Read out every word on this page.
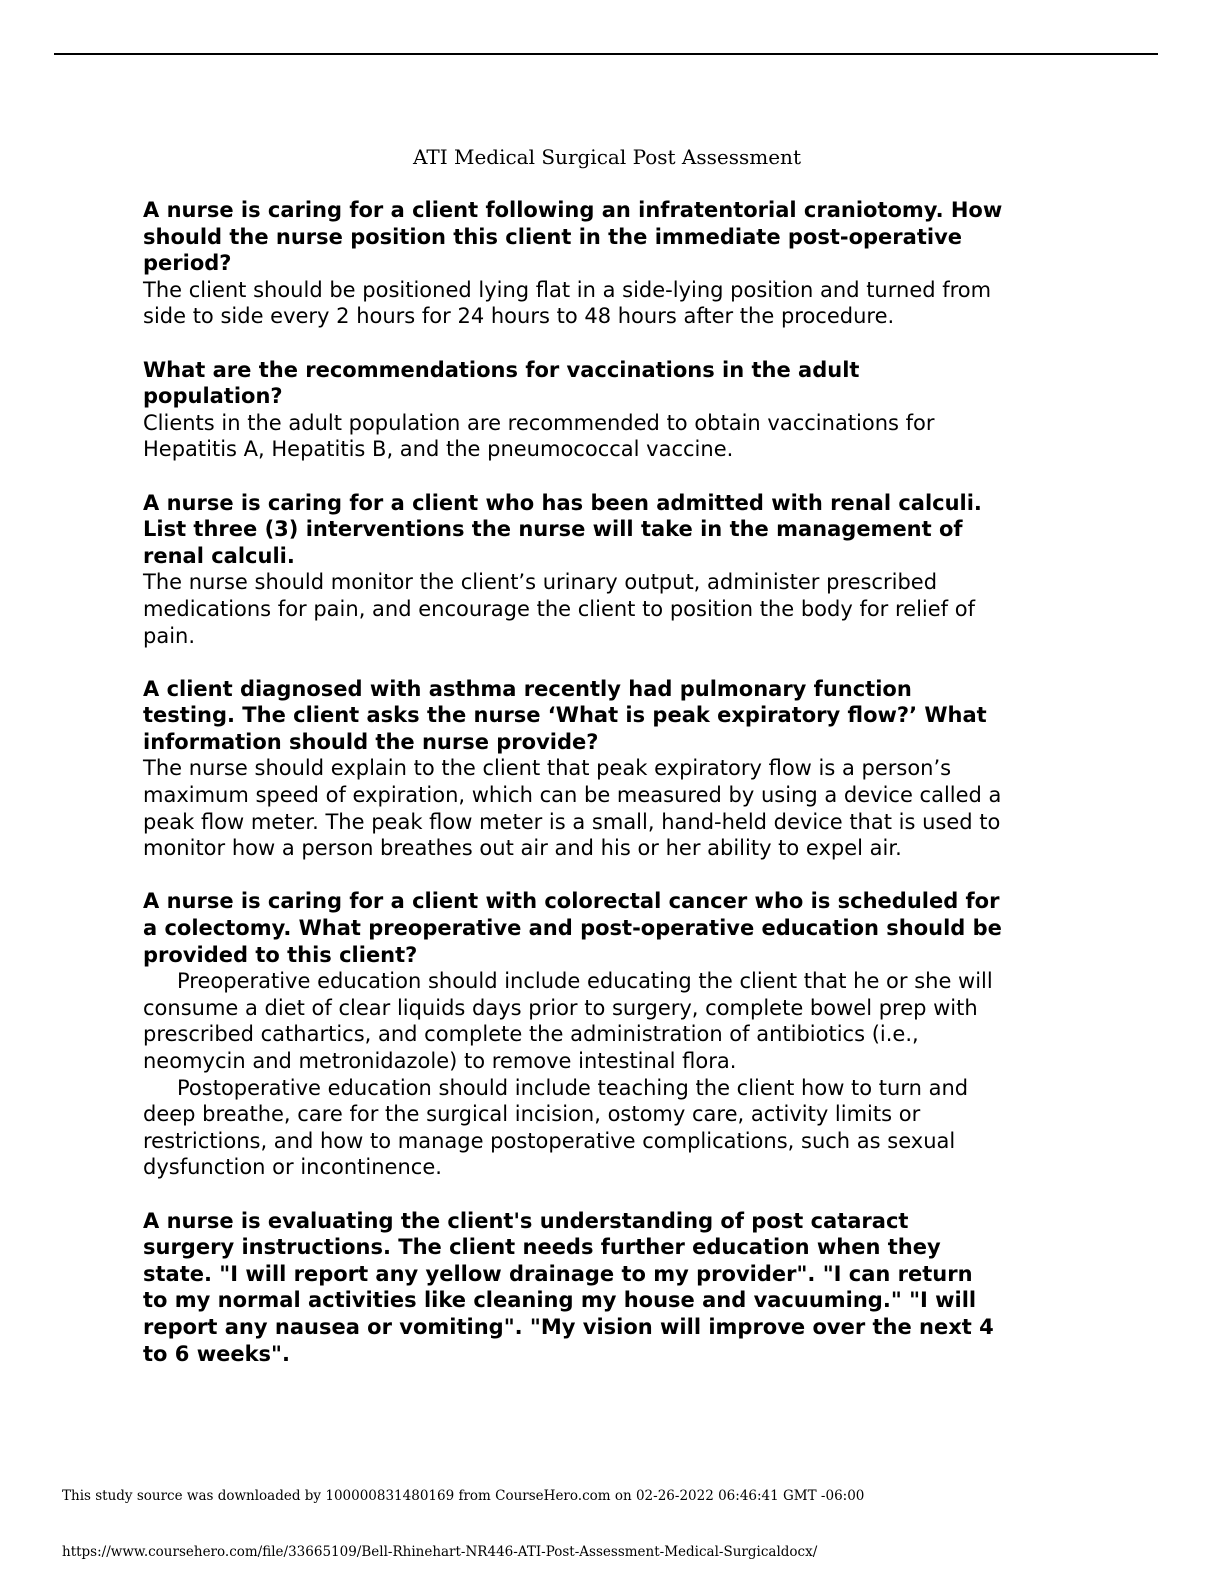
ATI Medical Surgical Post Assessment

A nurse is caring for a client following an infratentorial craniotomy. How should the nurse position this client in the immediate post-operative period?

The client should be positioned lying flat in a side-lying position and turned from side to side every 2 hours for 24 hours to 48 hours after the procedure.

What are the recommendations for vaccinations in the adult population?

Clients in the adult population are recommended to obtain vaccinations for Hepatitis A, Hepatitis B, and the pneumococcal vaccine.

A nurse is caring for a client who has been admitted with renal calculi. List three (3) interventions the nurse will take in the management of renal calculi.

The nurse should monitor the client’s urinary output, administer prescribed medications for pain, and encourage the client to position the body for relief of pain.

A client diagnosed with asthma recently had pulmonary function testing. The client asks the nurse ‘What is peak expiratory flow?’ What information should the nurse provide?

The nurse should explain to the client that peak expiratory flow is a person’s maximum speed of expiration, which can be measured by using a device called a peak flow meter. The peak flow meter is a small, hand-held device that is used to monitor how a person breathes out air and his or her ability to expel air.

A nurse is caring for a client with colorectal cancer who is scheduled for a colectomy. What preoperative and post-operative education should be provided to this client?

Preoperative education should include educating the client that he or she will consume a diet of clear liquids days prior to surgery, complete bowel prep with prescribed cathartics, and complete the administration of antibiotics (i.e., neomycin and metronidazole) to remove intestinal flora.

Postoperative education should include teaching the client how to turn and deep breathe, care for the surgical incision, ostomy care, activity limits or restrictions, and how to manage postoperative complications, such as sexual dysfunction or incontinence.

A nurse is evaluating the client's understanding of post cataract surgery instructions. The client needs further education when they state. "I will report any yellow drainage to my provider". "I can return to my normal activities like cleaning my house and vacuuming." "I will report any nausea or vomiting". "My vision will improve over the next 4 to 6 weeks".

This study source was downloaded by 100000831480169 from CourseHero.com on 02-26-2022 06:46:41 GMT -06:00
https://www.coursehero.com/file/33665109/Bell-Rhinehart-NR446-ATI-Post-Assessment-Medical-Surgicaldocx/
